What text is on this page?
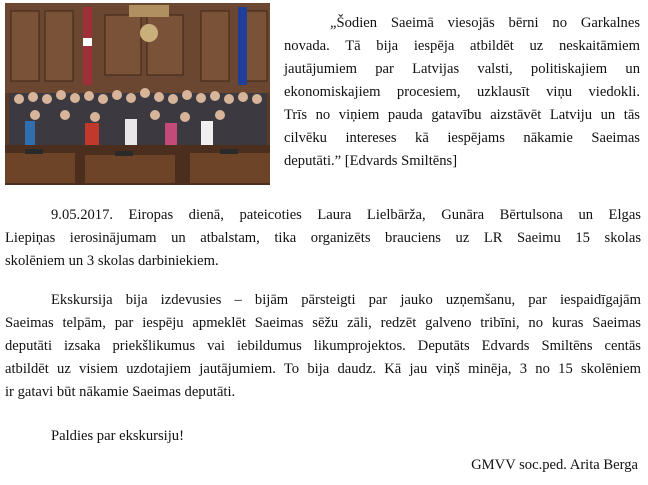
„Šodien Saeimā viesojās bērni no Garkalnes
novada. Tā bija iespēja atbildēt uz neskaitāmiem
jautājumiem par Latvijas valsti, politiskajiem un
ekonomiskajiem procesiem, uzklausīt viņu viedokli.
Trīs no viņiem pauda gatavību aizstāvēt Latviju un tās
cilvēku intereses kā iespējams nākamie Saeimas
deputāti.” [Edvards Smiltēns]
9.05.2017. Eiropas dienā, pateicoties Laura Lielbārža, Gunāra Bērtulsona un Elgas
Liepiņas ierosinājumam un atbalstam, tika organizēts brauciens uz LR Saeimu 15 skolas
skolēniem un 3 skolas darbiniekiem.
Ekskursija bija izdevusies – bijām pārsteigti par jauko uzņemšanu, par iespaidīgajām
Saeimas telpām, par iespēju apmeklēt Saeimas sēžu zāli, redzēt galveno tribīni, no kuras Saeimas
deputāti izsaka priekšlikumus vai iebildumus likumprojektos. Deputāts Edvards Smiltēns centās
atbildēt uz visiem uzdotajiem jautājumiem. To bija daudz. Kā jau viņš minēja, 3 no 15 skolēniem
ir gatavi būt nākamie Saeimas deputāti.
Paldies par ekskursiju!
GMVV soc.ped. Arita Berga
